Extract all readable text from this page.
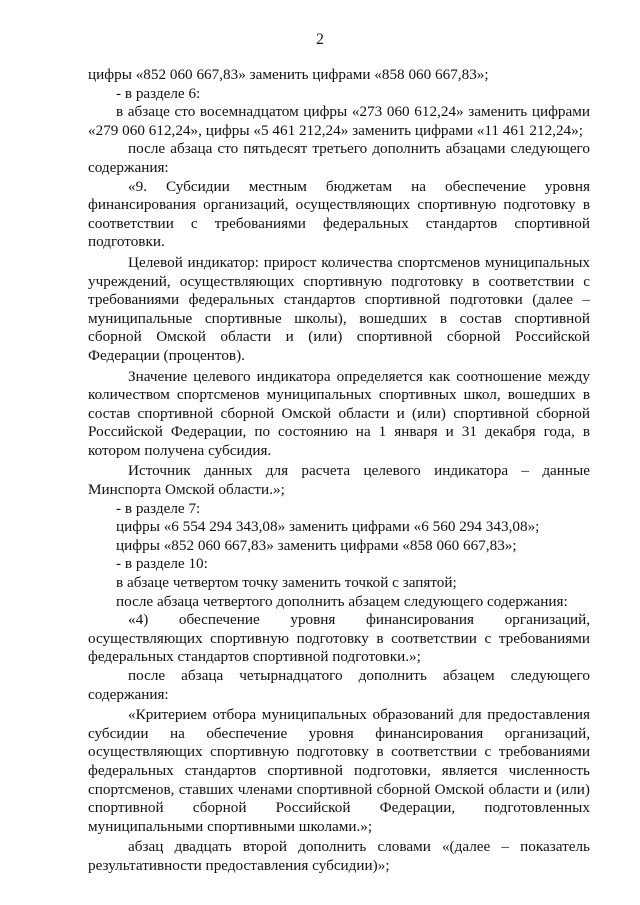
2

цифры «852 060 667,83» заменить цифрами «858 060 667,83»;

- в разделе 6:

в абзаце сто восемнадцатом цифры «273 060 612,24» заменить цифрами «279 060 612,24», цифры «5 461 212,24» заменить цифрами «11 461 212,24»;

после абзаца сто пятьдесят третьего дополнить абзацами следующего содержания:

«9. Субсидии местным бюджетам на обеспечение уровня финансирования организаций, осуществляющих спортивную подготовку в соответствии с требованиями федеральных стандартов спортивной подготовки.

Целевой индикатор: прирост количества спортсменов муниципальных учреждений, осуществляющих спортивную подготовку в соответствии с требованиями федеральных стандартов спортивной подготовки (далее – муниципальные спортивные школы), вошедших в состав спортивной сборной Омской области и (или) спортивной сборной Российской Федерации (процентов).

Значение целевого индикатора определяется как соотношение между количеством спортсменов муниципальных спортивных школ, вошедших в состав спортивной сборной Омской области и (или) спортивной сборной Российской Федерации, по состоянию на 1 января и 31 декабря года, в котором получена субсидия.

Источник данных для расчета целевого индикатора – данные Минспорта Омской области.»;

- в разделе 7:

цифры «6 554 294 343,08» заменить цифрами «6 560 294 343,08»;

цифры «852 060 667,83» заменить цифрами «858 060 667,83»;

- в разделе 10:

в абзаце четвертом точку заменить точкой с запятой;

после абзаца четвертого дополнить абзацем следующего содержания:

«4) обеспечение уровня финансирования организаций, осуществляющих спортивную подготовку в соответствии с требованиями федеральных стандартов спортивной подготовки.»;

после абзаца четырнадцатого дополнить абзацем следующего содержания:

«Критерием отбора муниципальных образований для предоставления субсидии на обеспечение уровня финансирования организаций, осуществляющих спортивную подготовку в соответствии с требованиями федеральных стандартов спортивной подготовки, является численность спортсменов, ставших членами спортивной сборной Омской области и (или) спортивной сборной Российской Федерации, подготовленных муниципальными спортивными школами.»;

абзац двадцать второй дополнить словами «(далее – показатель результативности предоставления субсидии)»;
